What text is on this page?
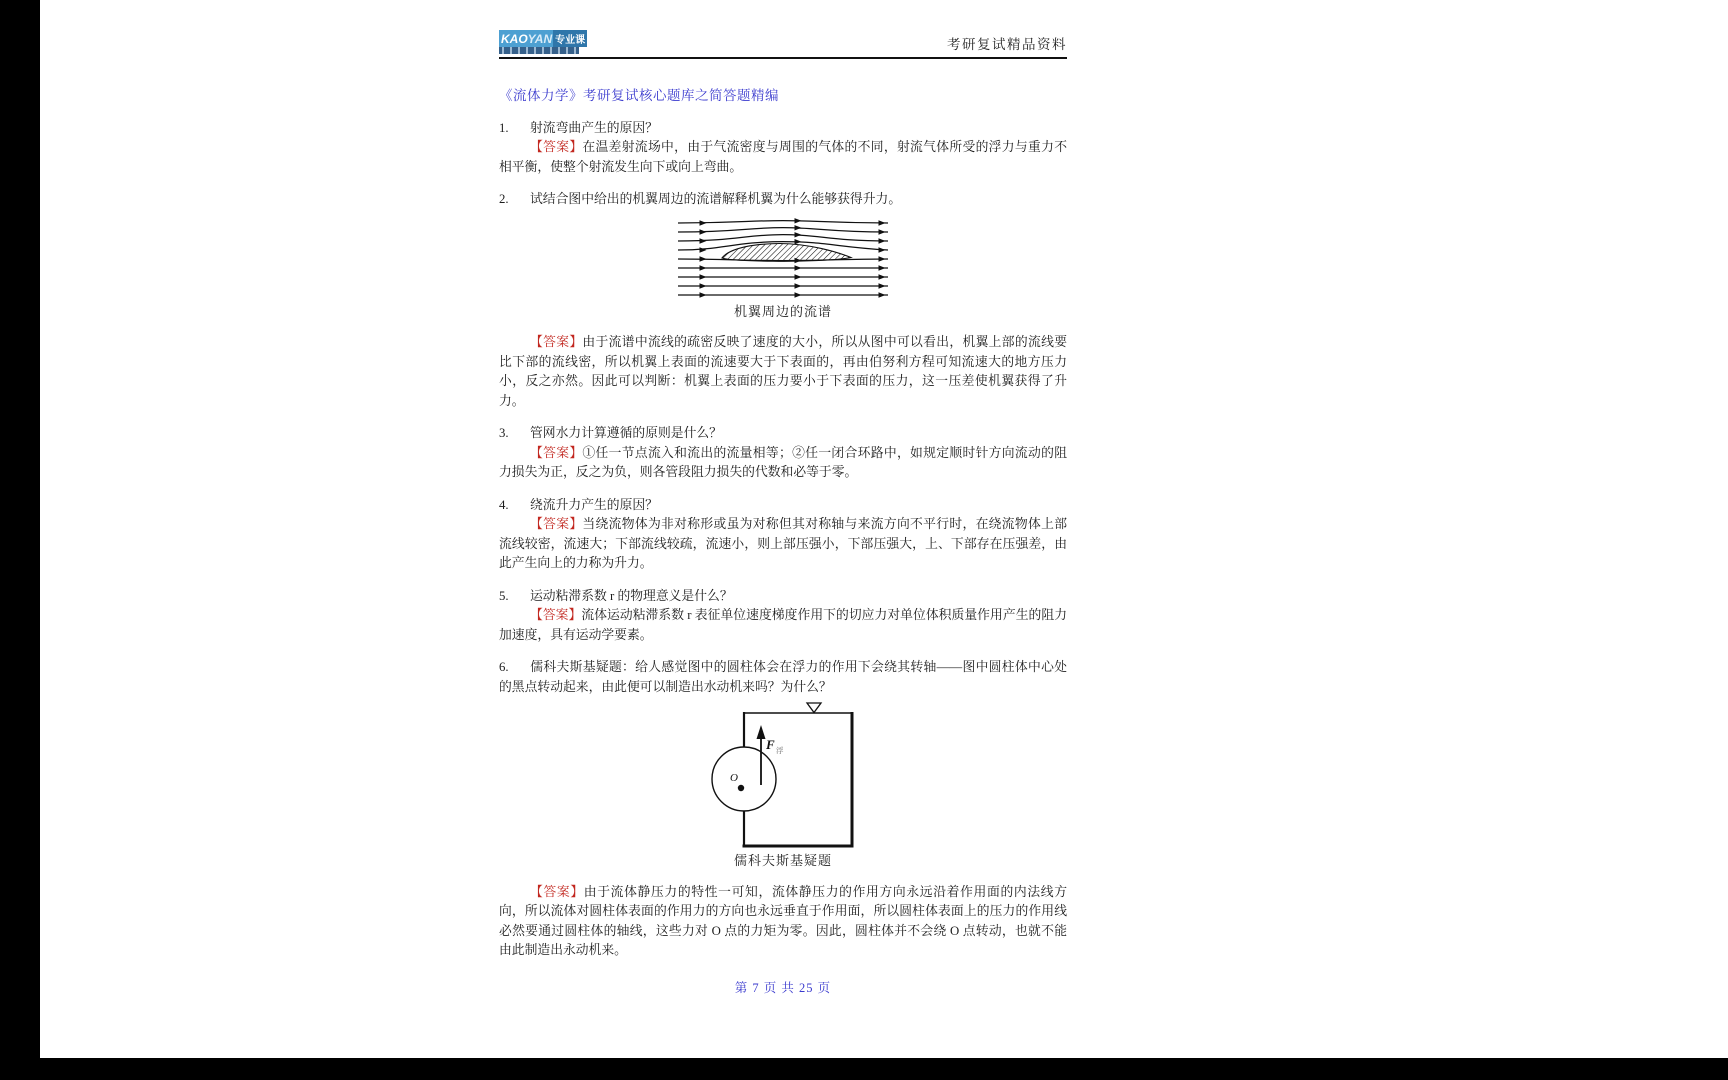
KAO YAN 专业课	考研复试精品资料

《流体力学》考研复试核心题库之简答题精编

1. 射流弯曲产生的原因？

【答案】在温差射流场中，由于气流密度与周围的气体的不同，射流气体所受的浮力与重力不相平衡，使整个射流发生向下或向上弯曲。

2. 试结合图中给出的机翼周边的流谱解释机翼为什么能够获得升力。

机翼周边的流谱

【答案】由于流谱中流线的疏密反映了速度的大小，所以从图中可以看出，机翼上部的流线要比下部的流线密，所以机翼上表面的流速要大于下表面的，再由伯努利方程可知流速大的地方压力小，反之亦然。因此可以判断：机翼上表面的压力要小于下表面的压力，这一压差使机翼获得了升力。

3. 管网水力计算遵循的原则是什么？

【答案】①任一节点流入和流出的流量相等；②任一闭合环路中，如规定顺时针方向流动的阻力损失为正，反之为负，则各管段阻力损失的代数和必等于零。

4. 绕流升力产生的原因？

【答案】当绕流物体为非对称形或虽为对称但其对称轴与来流方向不平行时，在绕流物体上部流线较密，流速大；下部流线较疏，流速小，则上部压强小，下部压强大，上、下部存在压强差，由此产生向上的力称为升力。

5. 运动粘滞系数 r 的物理意义是什么？

【答案】流体运动粘滞系数 r 表征单位速度梯度作用下的切应力对单位体积质量作用产生的阻力加速度，具有运动学要素。

6. 儒科夫斯基疑题：给人感觉图中的圆柱体会在浮力的作用下会绕其转轴——图中圆柱体中心处的黑点转动起来，由此便可以制造出水动机来吗？为什么？

F 浮
O

儒科夫斯基疑题

【答案】由于流体静压力的特性一可知，流体静压力的作用方向永远沿着作用面的内法线方向，所以流体对圆柱体表面的作用力的方向也永远垂直于作用面，所以圆柱体表面上的压力的作用线必然要通过圆柱体的轴线，这些力对 O 点的力矩为零。因此，圆柱体并不会绕 O 点转动，也就不能由此制造出永动机来。

第 7 页 共 25 页
